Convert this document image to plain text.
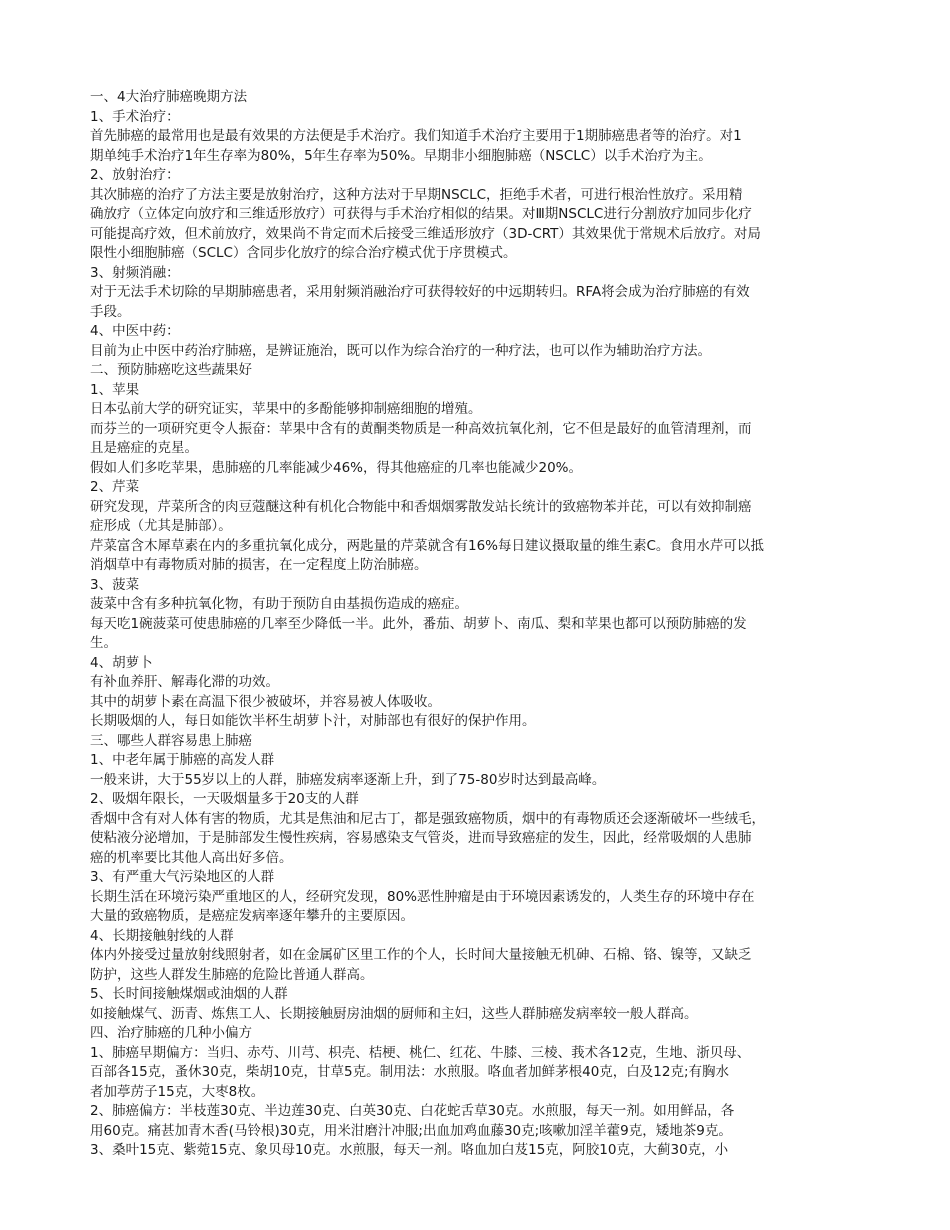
一、4大治疗肺癌晚期方法
1、手术治疗：
首先肺癌的最常用也是最有效果的方法便是手术治疗。我们知道手术治疗主要用于1期肺癌患者等的治疗。对1
期单纯手术治疗1年生存率为80%，5年生存率为50%。早期非小细胞肺癌（NSCLC）以手术治疗为主。
2、放射治疗：
其次肺癌的治疗了方法主要是放射治疗，这种方法对于早期NSCLC，拒绝手术者，可进行根治性放疗。采用精
确放疗（立体定向放疗和三维适形放疗）可获得与手术治疗相似的结果。对Ⅲ期NSCLC进行分割放疗加同步化疗
可能提高疗效，但术前放疗，效果尚不肯定而术后接受三维适形放疗（3D-CRT）其效果优于常规术后放疗。对局
限性小细胞肺癌（SCLC）含同步化放疗的综合治疗模式优于序贯模式。
3、射频消融：
对于无法手术切除的早期肺癌患者，采用射频消融治疗可获得较好的中远期转归。RFA将会成为治疗肺癌的有效
手段。
4、中医中药：
目前为止中医中药治疗肺癌，是辨证施治，既可以作为综合治疗的一种疗法，也可以作为辅助治疗方法。
二、预防肺癌吃这些蔬果好
1、苹果
日本弘前大学的研究证实，苹果中的多酚能够抑制癌细胞的增殖。
而芬兰的一项研究更令人振奋：苹果中含有的黄酮类物质是一种高效抗氧化剂，它不但是最好的血管清理剂，而
且是癌症的克星。
假如人们多吃苹果，患肺癌的几率能减少46%，得其他癌症的几率也能减少20%。
2、芹菜
研究发现，芹菜所含的肉豆蔻醚这种有机化合物能中和香烟烟雾散发站长统计的致癌物苯并芘，可以有效抑制癌
症形成（尤其是肺部）。
芹菜富含木犀草素在内的多重抗氧化成分，两匙量的芹菜就含有16%每日建议摄取量的维生素C。食用水芹可以抵
消烟草中有毒物质对肺的损害，在一定程度上防治肺癌。
3、菠菜
菠菜中含有多种抗氧化物，有助于预防自由基损伤造成的癌症。
每天吃1碗菠菜可使患肺癌的几率至少降低一半。此外，番茄、胡萝卜、南瓜、梨和苹果也都可以预防肺癌的发
生。
4、胡萝卜
有补血养肝、解毒化滞的功效。
其中的胡萝卜素在高温下很少被破坏，并容易被人体吸收。
长期吸烟的人，每日如能饮半杯生胡萝卜汁，对肺部也有很好的保护作用。
三、哪些人群容易患上肺癌
1、中老年属于肺癌的高发人群
一般来讲，大于55岁以上的人群，肺癌发病率逐渐上升，到了75-80岁时达到最高峰。
2、吸烟年限长，一天吸烟量多于20支的人群
香烟中含有对人体有害的物质，尤其是焦油和尼古丁，都是强致癌物质，烟中的有毒物质还会逐渐破坏一些绒毛，
使粘液分泌增加，于是肺部发生慢性疾病，容易感染支气管炎，进而导致癌症的发生，因此，经常吸烟的人患肺
癌的机率要比其他人高出好多倍。
3、有严重大气污染地区的人群
长期生活在环境污染严重地区的人，经研究发现，80%恶性肿瘤是由于环境因素诱发的，人类生存的环境中存在
大量的致癌物质，是癌症发病率逐年攀升的主要原因。
4、长期接触射线的人群
体内外接受过量放射线照射者，如在金属矿区里工作的个人，长时间大量接触无机砷、石棉、铬、镍等，又缺乏
防护，这些人群发生肺癌的危险比普通人群高。
5、长时间接触煤烟或油烟的人群
如接触煤气、沥青、炼焦工人、长期接触厨房油烟的厨师和主妇，这些人群肺癌发病率较一般人群高。
四、治疗肺癌的几种小偏方
1、肺癌早期偏方：当归、赤芍、川芎、枳壳、桔梗、桃仁、红花、牛膝、三棱、莪术各12克，生地、浙贝母、
百部各15克，蚤休30克，柴胡10克，甘草5克。制用法：水煎服。咯血者加鲜茅根40克，白及12克;有胸水
者加葶苈子15克，大枣8枚。
2、肺癌偏方：半枝莲30克、半边莲30克、白英30克、白花蛇舌草30克。水煎服，每天一剂。如用鲜品，各
用60克。痛甚加青木香(马铃根)30克，用米泔磨汁冲服;出血加鸡血藤30克;咳嗽加淫羊藿9克，矮地茶9克。
3、桑叶15克、紫菀15克、象贝母10克。水煎服，每天一剂。咯血加白芨15克，阿胶10克，大蓟30克，小
